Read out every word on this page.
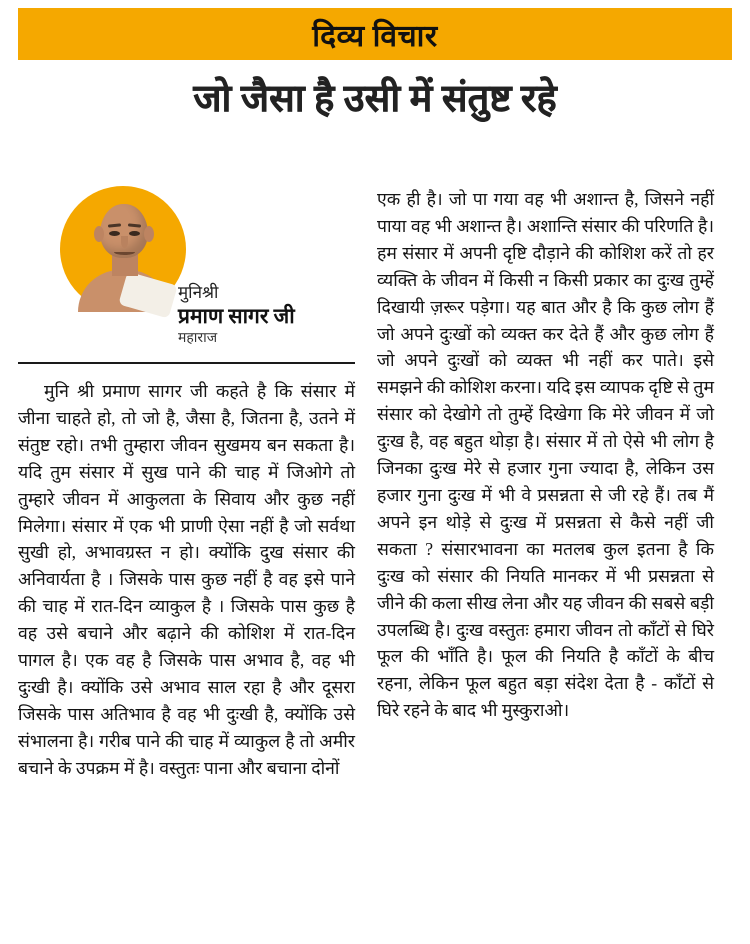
दिव्य विचार
जो जैसा है उसी में संतुष्ट रहे
मुनिश्री
प्रमाण सागर जी
महाराज
मुनि श्री प्रमाण सागर जी कहते है कि संसार में जीना चाहते हो, तो जो है, जैसा है, जितना है, उतने में संतुष्ट रहो। तभी तुम्हारा जीवन सुखमय बन सकता है। यदि तुम संसार में सुख पाने की चाह में जिओगे तो तुम्हारे जीवन में आकुलता के सिवाय और कुछ नहीं मिलेगा। संसार में एक भी प्राणी ऐसा नहीं है जो सर्वथा सुखी हो, अभावग्रस्त न हो। क्योंकि दुख संसार की अनिवार्यता है । जिसके पास कुछ नहीं है वह इसे पाने की चाह में रात-दिन व्याकुल है । जिसके पास कुछ है वह उसे बचाने और बढ़ाने की कोशिश में रात-दिन पागल है। एक वह है जिसके पास अभाव है, वह भी दुःखी है। क्योंकि उसे अभाव साल रहा है और दूसरा जिसके पास अतिभाव है वह भी दुःखी है, क्योंकि उसे संभालना है। गरीब पाने की चाह में व्याकुल है तो अमीर बचाने के उपक्रम में है। वस्तुतः पाना और बचाना दोनों
एक ही है। जो पा गया वह भी अशान्त है, जिसने नहीं पाया वह भी अशान्त है। अशान्ति संसार की परिणति है। हम संसार में अपनी दृष्टि दौड़ाने की कोशिश करें तो हर व्यक्ति के जीवन में किसी न किसी प्रकार का दुःख तुम्हें दिखायी ज़रूर पड़ेगा। यह बात और है कि कुछ लोग हैं जो अपने दुःखों को व्यक्त कर देते हैं और कुछ लोग हैं जो अपने दुःखों को व्यक्त भी नहीं कर पाते। इसे समझने की कोशिश करना। यदि इस व्यापक दृष्टि से तुम संसार को देखोगे तो तुम्हें दिखेगा कि मेरे जीवन में जो दुःख है, वह बहुत थोड़ा है। संसार में तो ऐसे भी लोग है जिनका दुःख मेरे से हजार गुना ज्यादा है, लेकिन उस हजार गुना दुःख में भी वे प्रसन्नता से जी रहे हैं। तब मैं अपने इन थोड़े से दुःख में प्रसन्नता से कैसे नहीं जी सकता ? संसारभावना का मतलब कुल इतना है कि दुःख को संसार की नियति मानकर में भी प्रसन्नता से जीने की कला सीख लेना और यह जीवन की सबसे बड़ी उपलब्धि है। दुःख वस्तुतः हमारा जीवन तो काँटों से घिरे फूल की भाँति है। फूल की नियति है काँटों के बीच रहना, लेकिन फूल बहुत बड़ा संदेश देता है - काँटों से घिरे रहने के बाद भी मुस्कुराओ।
